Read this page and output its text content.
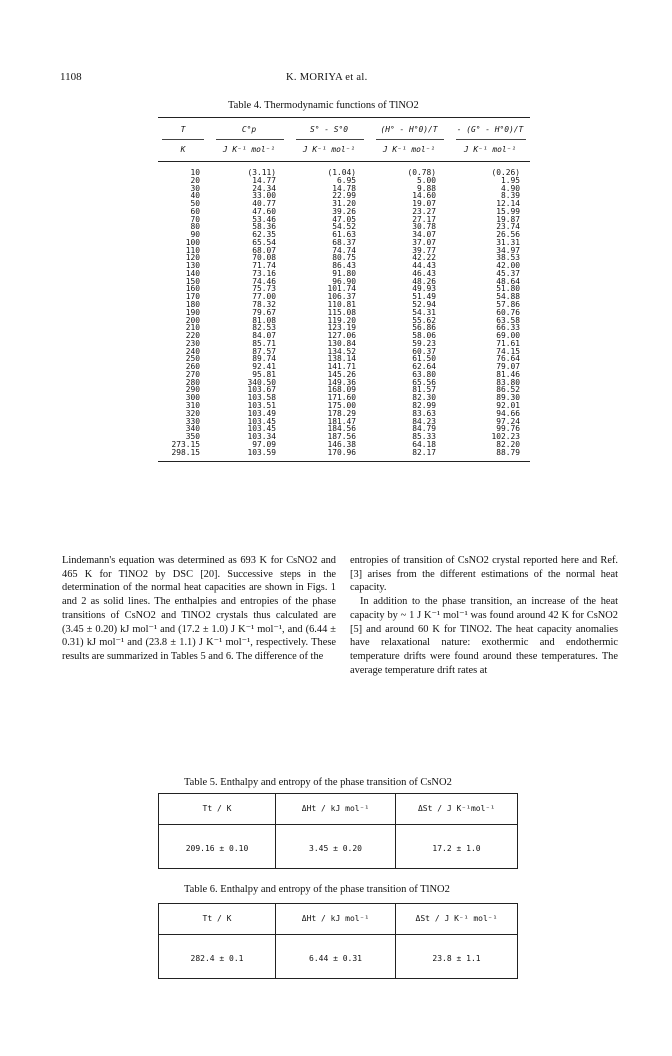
1108	K. MORIYA et al.
Table 4. Thermodynamic functions of TlNO2
T	C°p	S° - S°0	(H° - H°0)/T	- (G° - H°0)/T
K	J K⁻¹ mol⁻¹	J K⁻¹ mol⁻¹	J K⁻¹ mol⁻¹	J K⁻¹ mol⁻¹
10	(3.11)	(1.04)	(0.78)	(0.26)
20	14.77	6.95	5.00	1.95
30	24.34	14.78	9.88	4.90
40	33.00	22.99	14.60	8.39
50	40.77	31.20	19.07	12.14
60	47.60	39.26	23.27	15.99
70	53.46	47.05	27.17	19.87
80	58.36	54.52	30.78	23.74
90	62.35	61.63	34.07	26.56
100	65.54	68.37	37.07	31.31
110	68.07	74.74	39.77	34.97
120	70.08	80.75	42.22	38.53
130	71.74	86.43	44.43	42.00
140	73.16	91.80	46.43	45.37
150	74.46	96.90	48.26	48.64
160	75.73	101.74	49.93	51.80
170	77.00	106.37	51.49	54.88
180	78.32	110.81	52.94	57.86
190	79.67	115.08	54.31	60.76
200	81.08	119.20	55.62	63.58
210	82.53	123.19	56.86	66.33
220	84.07	127.06	58.06	69.00
230	85.71	130.84	59.23	71.61
240	87.57	134.52	60.37	74.15
250	89.74	138.14	61.50	76.64
260	92.41	141.71	62.64	79.07
270	95.81	145.26	63.80	81.46
280	340.50	149.36	65.56	83.80
290	103.67	168.09	81.57	86.52
300	103.58	171.60	82.30	89.30
310	103.51	175.00	82.99	92.01
320	103.49	178.29	83.63	94.66
330	103.45	181.47	84.23	97.24
340	103.45	184.56	84.79	99.76
350	103.34	187.56	85.33	102.23
273.15	97.09	146.38	64.18	82.20
298.15	103.59	170.96	82.17	88.79

Lindemann's equation was determined as 693 K for CsNO2 and 465 K for TlNO2 by DSC [20]. Successive steps in the determination of the normal heat capacities are shown in Figs. 1 and 2 as solid lines. The enthalpies and entropies of the phase transitions of CsNO2 and TlNO2 crystals thus calculated are (3.45 ± 0.20) kJ mol⁻¹ and (17.2 ± 1.0) J K⁻¹ mol⁻¹, and (6.44 ± 0.31) kJ mol⁻¹ and (23.8 ± 1.1) J K⁻¹ mol⁻¹, respectively. These results are summarized in Tables 5 and 6. The difference of the

entropies of transition of CsNO2 crystal reported here and Ref. [3] arises from the different estimations of the normal heat capacity.

In addition to the phase transition, an increase of the heat capacity by ~ 1 J K⁻¹ mol⁻¹ was found around 42 K for CsNO2 [5] and around 60 K for TlNO2. The heat capacity anomalies have relaxational nature: exothermic and endothermic temperature drifts were found around these temperatures. The average temperature drift rates at

Table 5. Enthalpy and entropy of the phase transition of CsNO2
Tt / K	ΔHt / kJ mol⁻¹	ΔSt / J K⁻¹mol⁻¹
209.16 ± 0.10	3.45 ± 0.20	17.2 ± 1.0
Table 6. Enthalpy and entropy of the phase transition of TlNO2
Tt / K	ΔHt / kJ mol⁻¹	ΔSt / J K⁻¹ mol⁻¹
282.4 ± 0.1	6.44 ± 0.31	23.8 ± 1.1
